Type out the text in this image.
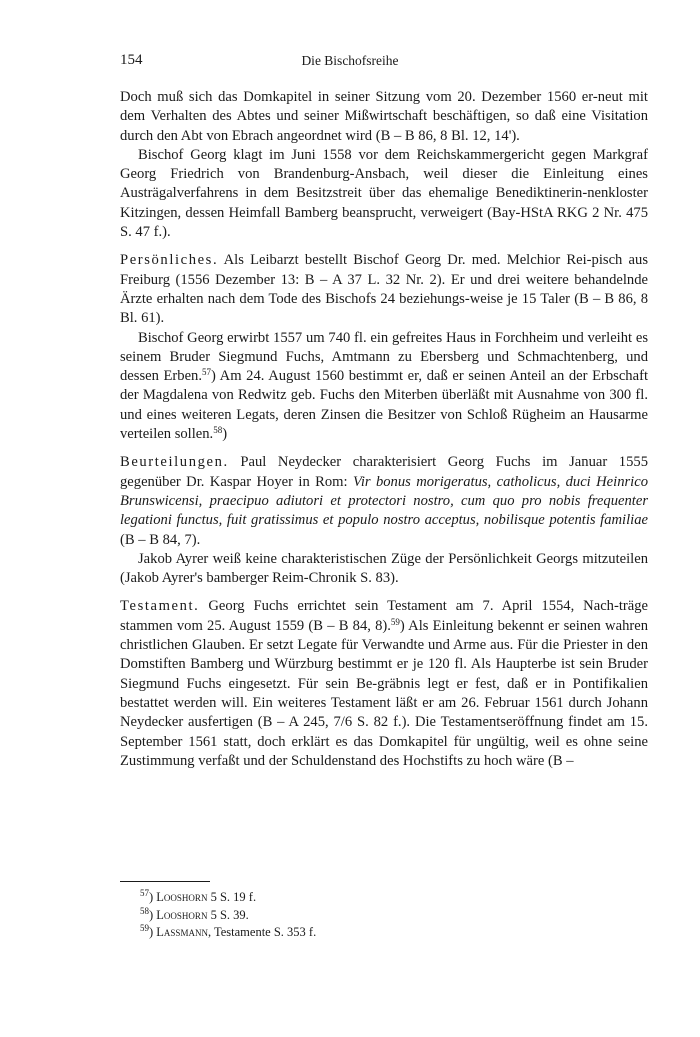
154	Die Bischofsreihe

Doch muß sich das Domkapitel in seiner Sitzung vom 20. Dezember 1560 er-neut mit dem Verhalten des Abtes und seiner Mißwirtschaft beschäftigen, so daß eine Visitation durch den Abt von Ebrach angeordnet wird (B – B 86, 8 Bl. 12, 14').

Bischof Georg klagt im Juni 1558 vor dem Reichskammergericht gegen Markgraf Georg Friedrich von Brandenburg-Ansbach, weil dieser die Einleitung eines Austrägalverfahrens in dem Besitzstreit über das ehemalige Benediktinerin-nenkloster Kitzingen, dessen Heimfall Bamberg beansprucht, verweigert (Bay-HStA RKG 2 Nr. 475 S. 47 f.).

Persönliches. Als Leibarzt bestellt Bischof Georg Dr. med. Melchior Rei-pisch aus Freiburg (1556 Dezember 13: B – A 37 L. 32 Nr. 2). Er und drei weitere behandelnde Ärzte erhalten nach dem Tode des Bischofs 24 beziehungs-weise je 15 Taler (B – B 86, 8 Bl. 61).

Bischof Georg erwirbt 1557 um 740 fl. ein gefreites Haus in Forchheim und verleiht es seinem Bruder Siegmund Fuchs, Amtmann zu Ebersberg und Schmachtenberg, und dessen Erben.$^{57}$) Am 24. August 1560 bestimmt er, daß er seinen Anteil an der Erbschaft der Magdalena von Redwitz geb. Fuchs den Miterben überläßt mit Ausnahme von 300 fl. und eines weiteren Legats, deren Zinsen die Besitzer von Schloß Rügheim an Hausarme verteilen sollen.$^{58}$)

Beurteilungen. Paul Neydecker charakterisiert Georg Fuchs im Januar 1555 gegenüber Dr. Kaspar Hoyer in Rom: Vir bonus morigeratus, catholicus, duci Heinrico Brunswicensi, praecipuo adiutori et protectori nostro, cum quo pro nobis frequenter legationi functus, fuit gratissimus et populo nostro acceptus, nobilisque potentis familiae (B – B 84, 7).

Jakob Ayrer weiß keine charakteristischen Züge der Persönlichkeit Georgs mitzuteilen (Jakob Ayrer's bamberger Reim-Chronik S. 83).

Testament. Georg Fuchs errichtet sein Testament am 7. April 1554, Nach-träge stammen vom 25. August 1559 (B – B 84, 8).$^{59}$) Als Einleitung bekennt er seinen wahren christlichen Glauben. Er setzt Legate für Verwandte und Arme aus. Für die Priester in den Domstiften Bamberg und Würzburg bestimmt er je 120 fl. Als Haupterbe ist sein Bruder Siegmund Fuchs eingesetzt. Für sein Be-gräbnis legt er fest, daß er in Pontifikalien bestattet werden will. Ein weiteres Testament läßt er am 26. Februar 1561 durch Johann Neydecker ausfertigen (B – A 245, 7/6 S. 82 f.). Die Testamentseröffnung findet am 15. September 1561 statt, doch erklärt es das Domkapitel für ungültig, weil es ohne seine Zustimmung verfaßt und der Schuldenstand des Hochstifts zu hoch wäre (B –

$^{57}$) Looshorn 5 S. 19 f.
$^{58}$) Looshorn 5 S. 39.
$^{59}$) Lassmann, Testamente S. 353 f.
